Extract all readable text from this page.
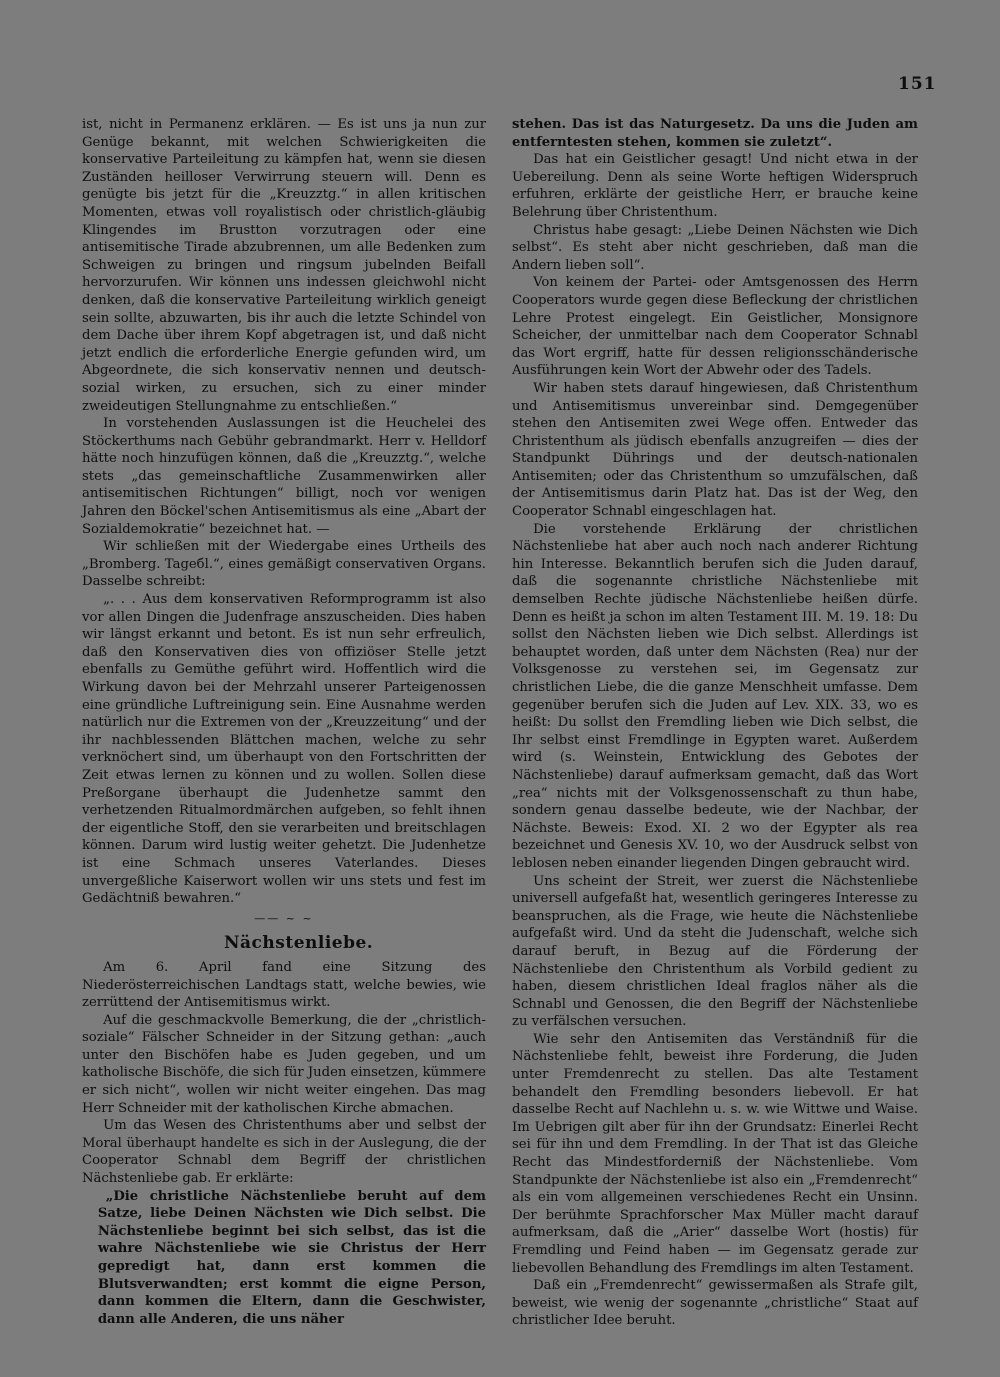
151

ist, nicht in Permanenz erklären. — Es ist uns ja nun zur Genüge bekannt, mit welchen Schwierigkeiten die konservative Parteileitung zu kämpfen hat, wenn sie diesen Zuständen heilloser Verwirrung steuern will. Denn es genügte bis jetzt für die „Kreuzztg.“ in allen kritischen Momenten, etwas voll royalistisch oder christlich-gläubig Klingendes im Brustton vorzutragen oder eine antisemitische Tirade abzubrennen, um alle Bedenken zum Schweigen zu bringen und ringsum jubelnden Beifall hervorzurufen. Wir können uns indessen gleichwohl nicht denken, daß die konservative Parteileitung wirklich geneigt sein sollte, abzuwarten, bis ihr auch die letzte Schindel von dem Dache über ihrem Kopf abgetragen ist, und daß nicht jetzt endlich die erforderliche Energie gefunden wird, um Abgeordnete, die sich konservativ nennen und deutsch-sozial wirken, zu ersuchen, sich zu einer minder zweideutigen Stellungnahme zu entschließen.“

In vorstehenden Auslassungen ist die Heuchelei des Stöckerthums nach Gebühr gebrandmarkt. Herr v. Helldorf hätte noch hinzufügen können, daß die „Kreuzztg.“, welche stets „das gemeinschaftliche Zusammenwirken aller antisemitischen Richtungen“ billigt, noch vor wenigen Jahren den Böckel'schen Antisemitismus als eine „Abart der Sozialdemokratie“ bezeichnet hat. —

Wir schließen mit der Wiedergabe eines Urtheils des „Bromberg. Tageбl.“, eines gemäßigt conservativen Organs. Dasselbe schreibt:

„. . . Aus dem konservativen Reformprogramm ist also vor allen Dingen die Judenfrage anszuscheiden. Dies haben wir längst erkannt und betont. Es ist nun sehr erfreulich, daß den Konservativen dies von offiziöser Stelle jetzt ebenfalls zu Gemüthe geführt wird. Hoffentlich wird die Wirkung davon bei der Mehrzahl unserer Parteigenossen eine gründliche Luftreinigung sein. Eine Ausnahme werden natürlich nur die Extremen von der „Kreuzzeitung“ und der ihr nachblessenden Blättchen machen, welche zu sehr verknöchert sind, um überhaupt von den Fortschritten der Zeit etwas lernen zu können und zu wollen. Sollen diese Preßorgane überhaupt die Judenhetze sammt den verhetzenden Ritualmordmärchen aufgeben, so fehlt ihnen der eigentliche Stoff, den sie verarbeiten und breitschlagen können. Darum wird lustig weiter gehetzt. Die Judenhetze ist eine Schmach unseres Vaterlandes. Dieses unvergeßliche Kaiserwort wollen wir uns stets und fest im Gedächtniß bewahren.“

—— ~ ~
Nächstenliebe.

Am 6. April fand eine Sitzung des Niederösterreichischen Landtags statt, welche bewies, wie zerrüttend der Antisemitismus wirkt.

Auf die geschmackvolle Bemerkung, die der „christlich-soziale“ Fälscher Schneider in der Sitzung gethan: „auch unter den Bischöfen habe es Juden gegeben, und um katholische Bischöfe, die sich für Juden einsetzen, kümmere er sich nicht“, wollen wir nicht weiter eingehen. Das mag Herr Schneider mit der katholischen Kirche abmachen.

Um das Wesen des Christenthums aber und selbst der Moral überhaupt handelte es sich in der Auslegung, die der Cooperator Schnabl dem Begriff der christlichen Nächstenliebe gab. Er erklärte:

„Die christliche Nächstenliebe beruht auf dem Satze, liebe Deinen Nächsten wie Dich selbst. Die Nächstenliebe beginnt bei sich selbst, das ist die wahre Nächstenliebe wie sie Christus der Herr gepredigt hat, dann erst kommen die Blutsverwandten; erst kommt die eigne Person, dann kommen die Eltern, dann die Geschwister, dann alle Anderen, die uns näher

stehen. Das ist das Naturgesetz. Da uns die Juden am entferntesten stehen, kommen sie zuletzt“.

Das hat ein Geistlicher gesagt! Und nicht etwa in der Uebereilung. Denn als seine Worte heftigen Widerspruch erfuhren, erklärte der geistliche Herr, er brauche keine Belehrung über Christenthum.

Christus habe gesagt: „Liebe Deinen Nächsten wie Dich selbst“. Es steht aber nicht geschrieben, daß man die Andern lieben soll“.

Von keinem der Partei- oder Amtsgenossen des Herrn Cooperators wurde gegen diese Befleckung der christlichen Lehre Protest eingelegt. Ein Geistlicher, Monsignore Scheicher, der unmittelbar nach dem Cooperator Schnabl das Wort ergriff, hatte für dessen religionsschänderische Ausführungen kein Wort der Abwehr oder des Tadels.

Wir haben stets darauf hingewiesen, daß Christenthum und Antisemitismus unvereinbar sind. Demgegenüber stehen den Antisemiten zwei Wege offen. Entweder das Christenthum als jüdisch ebenfalls anzugreifen — dies der Standpunkt Dührings und der deutsch-nationalen Antisemiten; oder das Christenthum so umzufälschen, daß der Antisemitismus darin Platz hat. Das ist der Weg, den Cooperator Schnabl eingeschlagen hat.

Die vorstehende Erklärung der christlichen Nächstenliebe hat aber auch noch nach anderer Richtung hin Interesse. Bekanntlich berufen sich die Juden darauf, daß die sogenannte christliche Nächstenliebe mit demselben Rechte jüdische Nächstenliebe heißen dürfe. Denn es heißt ja schon im alten Testament III. M. 19. 18: Du sollst den Nächsten lieben wie Dich selbst. Allerdings ist behauptet worden, daß unter dem Nächsten (Rea) nur der Volksgenosse zu verstehen sei, im Gegensatz zur christlichen Liebe, die die ganze Menschheit umfasse. Dem gegenüber berufen sich die Juden auf Lev. XIX. 33, wo es heißt: Du sollst den Fremdling lieben wie Dich selbst, die Ihr selbst einst Fremdlinge in Egypten waret. Außerdem wird (s. Weinstein, Entwicklung des Gebotes der Nächstenliebe) darauf aufmerksam gemacht, daß das Wort „rea“ nichts mit der Volksgenossenschaft zu thun habe, sondern genau dasselbe bedeute, wie der Nachbar, der Nächste. Beweis: Exod. XI. 2 wo der Egypter als rea bezeichnet und Genesis XV. 10, wo der Ausdruck selbst von leblosen neben einander liegenden Dingen gebraucht wird.

Uns scheint der Streit, wer zuerst die Nächstenliebe universell aufgefaßt hat, wesentlich geringeres Interesse zu beanspruchen, als die Frage, wie heute die Nächstenliebe aufgefaßt wird. Und da steht die Judenschaft, welche sich darauf beruft, in Bezug auf die Förderung der Nächstenliebe den Christenthum als Vorbild gedient zu haben, diesem christlichen Ideal fraglos näher als die Schnabl und Genossen, die den Begriff der Nächstenliebe zu verfälschen versuchen.

Wie sehr den Antisemiten das Verständniß für die Nächstenliebe fehlt, beweist ihre Forderung, die Juden unter Fremdenrecht zu stellen. Das alte Testament behandelt den Fremdling besonders liebevoll. Er hat dasselbe Recht auf Nachlehn u. s. w. wie Wittwe und Waise. Im Uebrigen gilt aber für ihn der Grundsatz: Einerlei Recht sei für ihn und dem Fremdling. In der That ist das Gleiche Recht das Mindestforderniß der Nächstenliebe. Vom Standpunkte der Nächstenliebe ist also ein „Fremdenrecht“ als ein vom allgemeinen verschiedenes Recht ein Unsinn. Der berühmte Sprachforscher Max Müller macht darauf aufmerksam, daß die „Arier“ dasselbe Wort (hostis) für Fremdling und Feind haben — im Gegensatz gerade zur liebevollen Behandlung des Fremdlings im alten Testament.

Daß ein „Fremdenrecht“ gewissermaßen als Strafe gilt, beweist, wie wenig der sogenannte „christliche“ Staat auf christlicher Idee beruht.
